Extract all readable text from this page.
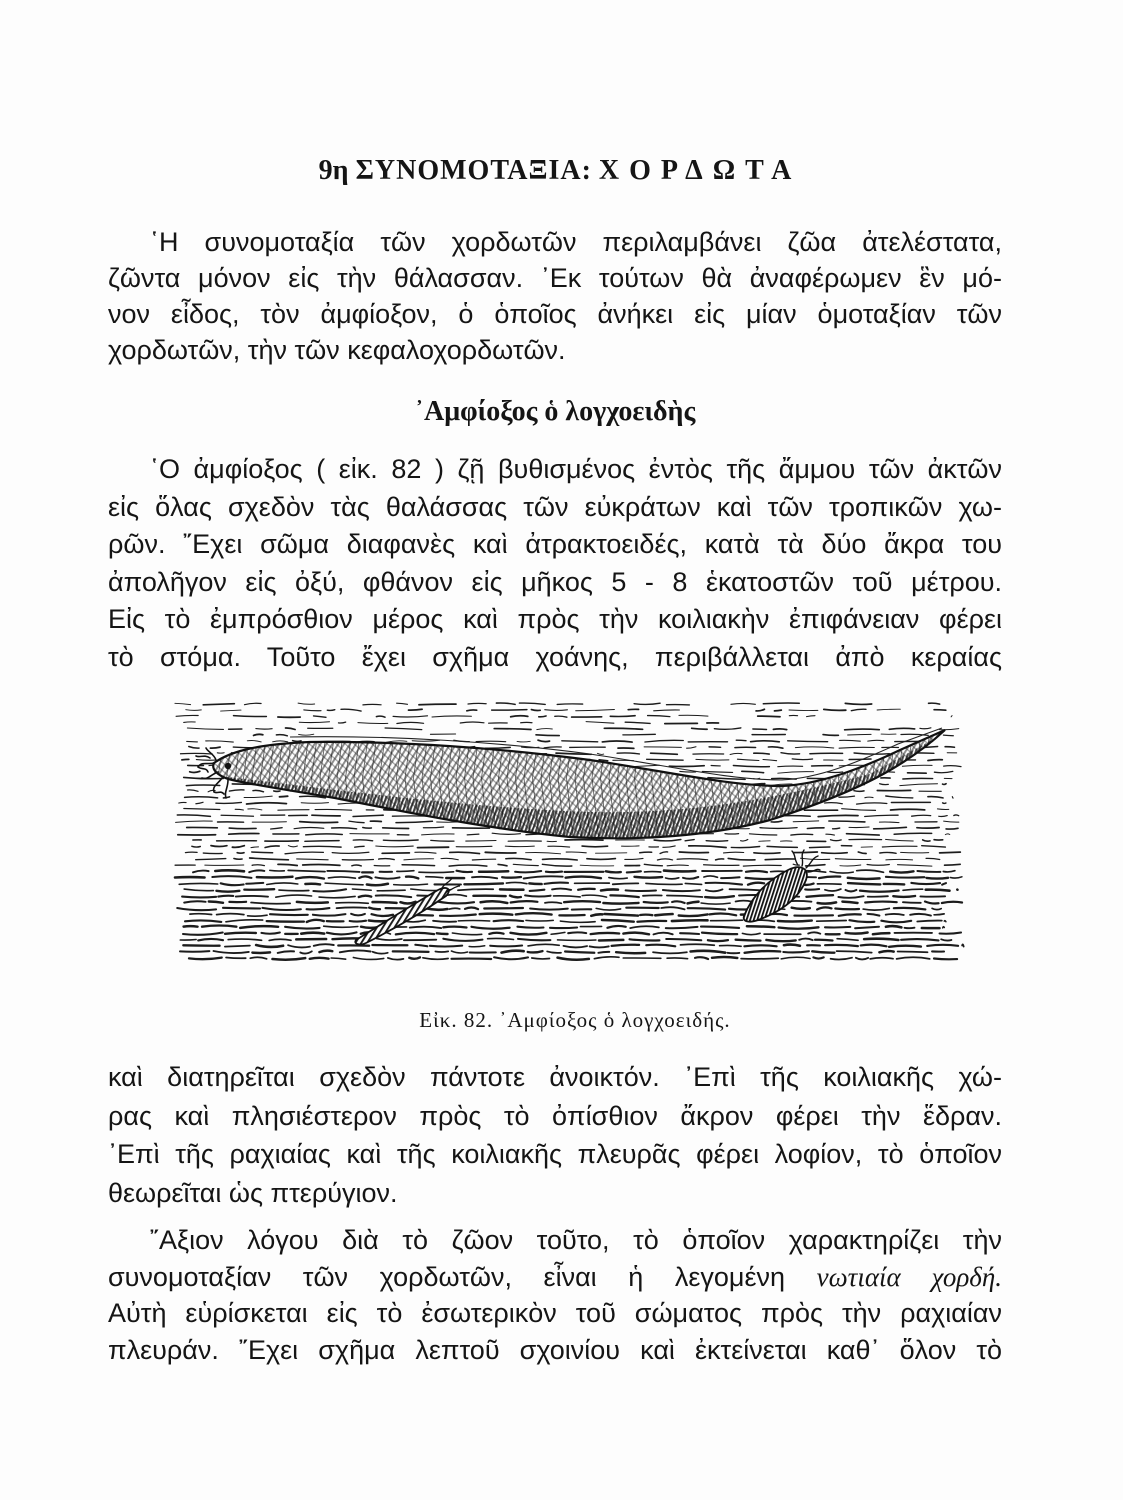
9η ΣΥΝΟΜΟΤΑΞΙΑ: ΧΟΡΔΩΤΑ
῾Η συνομοταξία τῶν χορδωτῶν περιλαμβάνει ζῶα ἀτελέστατα,
ζῶντα μόνον εἰς τὴν θάλασσαν. ᾿Εκ τούτων θὰ ἀναφέρωμεν ἓν μό-
νον εἶδος, τὸν ἀμφίοξον, ὁ ὁποῖος ἀνήκει εἰς μίαν ὁμοταξίαν τῶν
χορδωτῶν, τὴν τῶν κεφαλοχορδωτῶν.
᾿Αμφίοξος ὁ λογχοειδὴς
῾Ο ἀμφίοξος ( εἰκ. 82 ) ζῇ βυθισμένος ἐντὸς τῆς ἄμμου τῶν ἀκτῶν
εἰς ὅλας σχεδὸν τὰς θαλάσσας τῶν εὐκράτων καὶ τῶν τροπικῶν χω-
ρῶν. ῎Εχει σῶμα διαφανὲς καὶ ἀτρακτοειδές, κατὰ τὰ δύο ἄκρα του
ἀπολῆγον εἰς ὀξύ, φθάνον εἰς μῆκος 5 - 8 ἑκατοστῶν τοῦ μέτρου.
Εἰς τὸ ἐμπρόσθιον μέρος καὶ πρὸς τὴν κοιλιακὴν ἐπιφάνειαν φέρει
τὸ στόμα. Τοῦτο ἔχει σχῆμα χοάνης, περιβάλλεται ἀπὸ κεραίας
Εἰκ. 82. ᾿Αμφίοξος ὁ λογχοειδής.
καὶ διατηρεῖται σχεδὸν πάντοτε ἀνοικτόν. ᾿Επὶ τῆς κοιλιακῆς χώ-
ρας καὶ πλησιέστερον πρὸς τὸ ὀπίσθιον ἄκρον φέρει τὴν ἕδραν.
᾿Επὶ τῆς ραχιαίας καὶ τῆς κοιλιακῆς πλευρᾶς φέρει λοφίον, τὸ ὁποῖον
θεωρεῖται ὡς πτερύγιον.
῎Αξιον λόγου διὰ τὸ ζῶον τοῦτο, τὸ ὁποῖον χαρακτηρίζει τὴν
συνομοταξίαν τῶν χορδωτῶν, εἶναι ἡ λεγομένη νωτιαία χορδή.
Αὐτὴ εὑρίσκεται εἰς τὸ ἐσωτερικὸν τοῦ σώματος πρὸς τὴν ραχιαίαν
πλευράν. ῎Εχει σχῆμα λεπτοῦ σχοινίου καὶ ἐκτείνεται καθ᾿ ὅλον τὸ
